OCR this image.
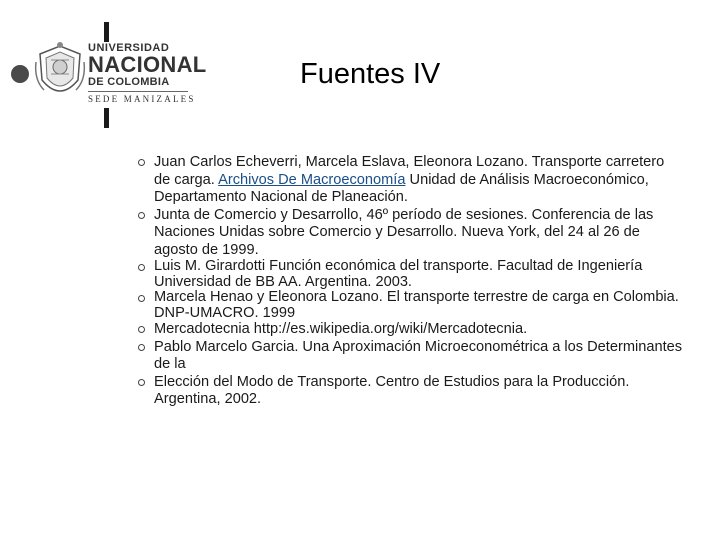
UNIVERSIDAD
NACIONAL
DE COLOMBIA
SEDE MANIZALES
Fuentes IV
Juan Carlos Echeverri, Marcela Eslava, Eleonora Lozano. Transporte carretero de carga. Archivos De Macroeconomía Unidad de Análisis Macroeconómico, Departamento Nacional de Planeación.
Junta de Comercio y Desarrollo, 46º período de sesiones. Conferencia de las Naciones Unidas sobre Comercio y Desarrollo. Nueva York, del 24 al 26 de agosto de 1999.
Luis M. Girardotti Función económica del transporte. Facultad de Ingeniería Universidad de BB AA. Argentina. 2003.
Marcela Henao y Eleonora Lozano. El transporte terrestre de carga en Colombia. DNP-UMACRO. 1999
Mercadotecnia http://es.wikipedia.org/wiki/Mercadotecnia.
Pablo Marcelo Garcia. Una Aproximación Microeconométrica a los Determinantes de la
Elección del Modo de Transporte. Centro de Estudios para la Producción. Argentina, 2002.
